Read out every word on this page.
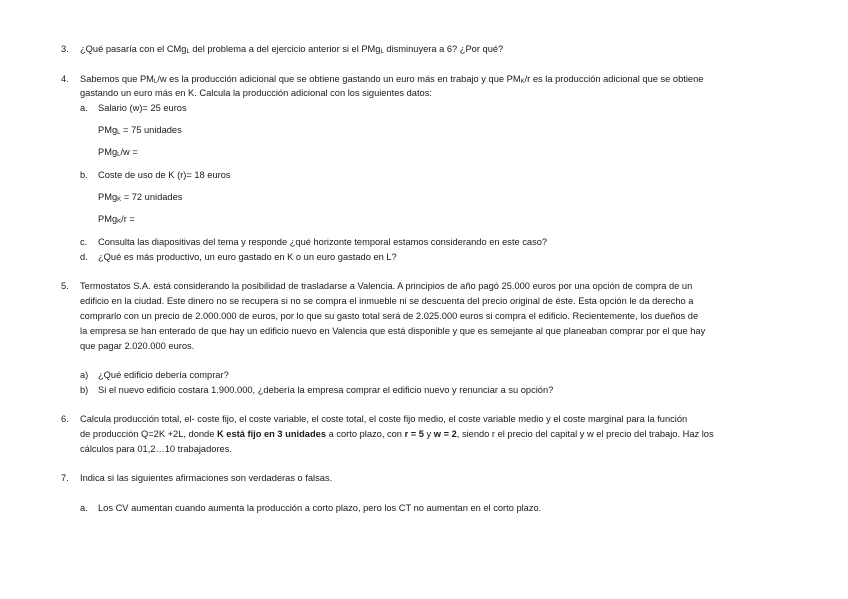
3. ¿Qué pasaría con el CMg$_L$ del problema a del ejercicio anterior si el PMg$_L$ disminuyera a 6? ¿Por qué?
4. Sabemos que $PM_L/w$ es la producción adicional que se obtiene gastando un euro más en trabajo y que $PM_K/r$ es la producción adicional que se obtiene
gastando un euro más en K. Calcula la producción adicional con los siguientes datos:
a. Salario (w)= 25 euros
PMg$_L$ = 75 unidades
PMg$_L$/w =
b. Coste de uso de K (r)= 18 euros
PMg$_K$ = 72 unidades
PMg$_K$/r =
c. Consulta las diapositivas del tema y responde ¿qué horizonte temporal estamos considerando en este caso?
d. ¿Qué es más productivo, un euro gastado en K o un euro gastado en L?
5. Termostatos S.A. está considerando la posibilidad de trasladarse a Valencia. A principios de año pagó 25.000 euros por una opción de compra de un
edificio en la ciudad. Este dinero no se recupera si no se compra el inmueble ni se descuenta del precio original de éste. Esta opción le da derecho a
comprarlo con un precio de 2.000.000 de euros, por lo que su gasto total será de 2.025.000 euros si compra el edificio. Recientemente, los dueños de
la empresa se han enterado de que hay un edificio nuevo en Valencia que está disponible y que es semejante al que planeaban comprar por el que hay
que pagar 2.020.000 euros.
a) ¿Qué edificio debería comprar?
b) Si el nuevo edificio costara 1.900.000, ¿debería la empresa comprar el edificio nuevo y renunciar a su opción?
6. Calcula producción total, el- coste fijo, el coste variable, el coste total, el coste fijo medio, el coste variable medio y el coste marginal para la función
de producción Q=2K +2L, donde K está fijo en 3 unidades a corto plazo, con r = 5 y w = 2, siendo r el precio del capital y w el precio del trabajo. Haz los
cálculos para 01,2…10 trabajadores.
7. Indica si las siguientes afirmaciones son verdaderas o falsas.
a. Los CV aumentan cuando aumenta la producción a corto plazo, pero los CT no aumentan en el corto plazo.
